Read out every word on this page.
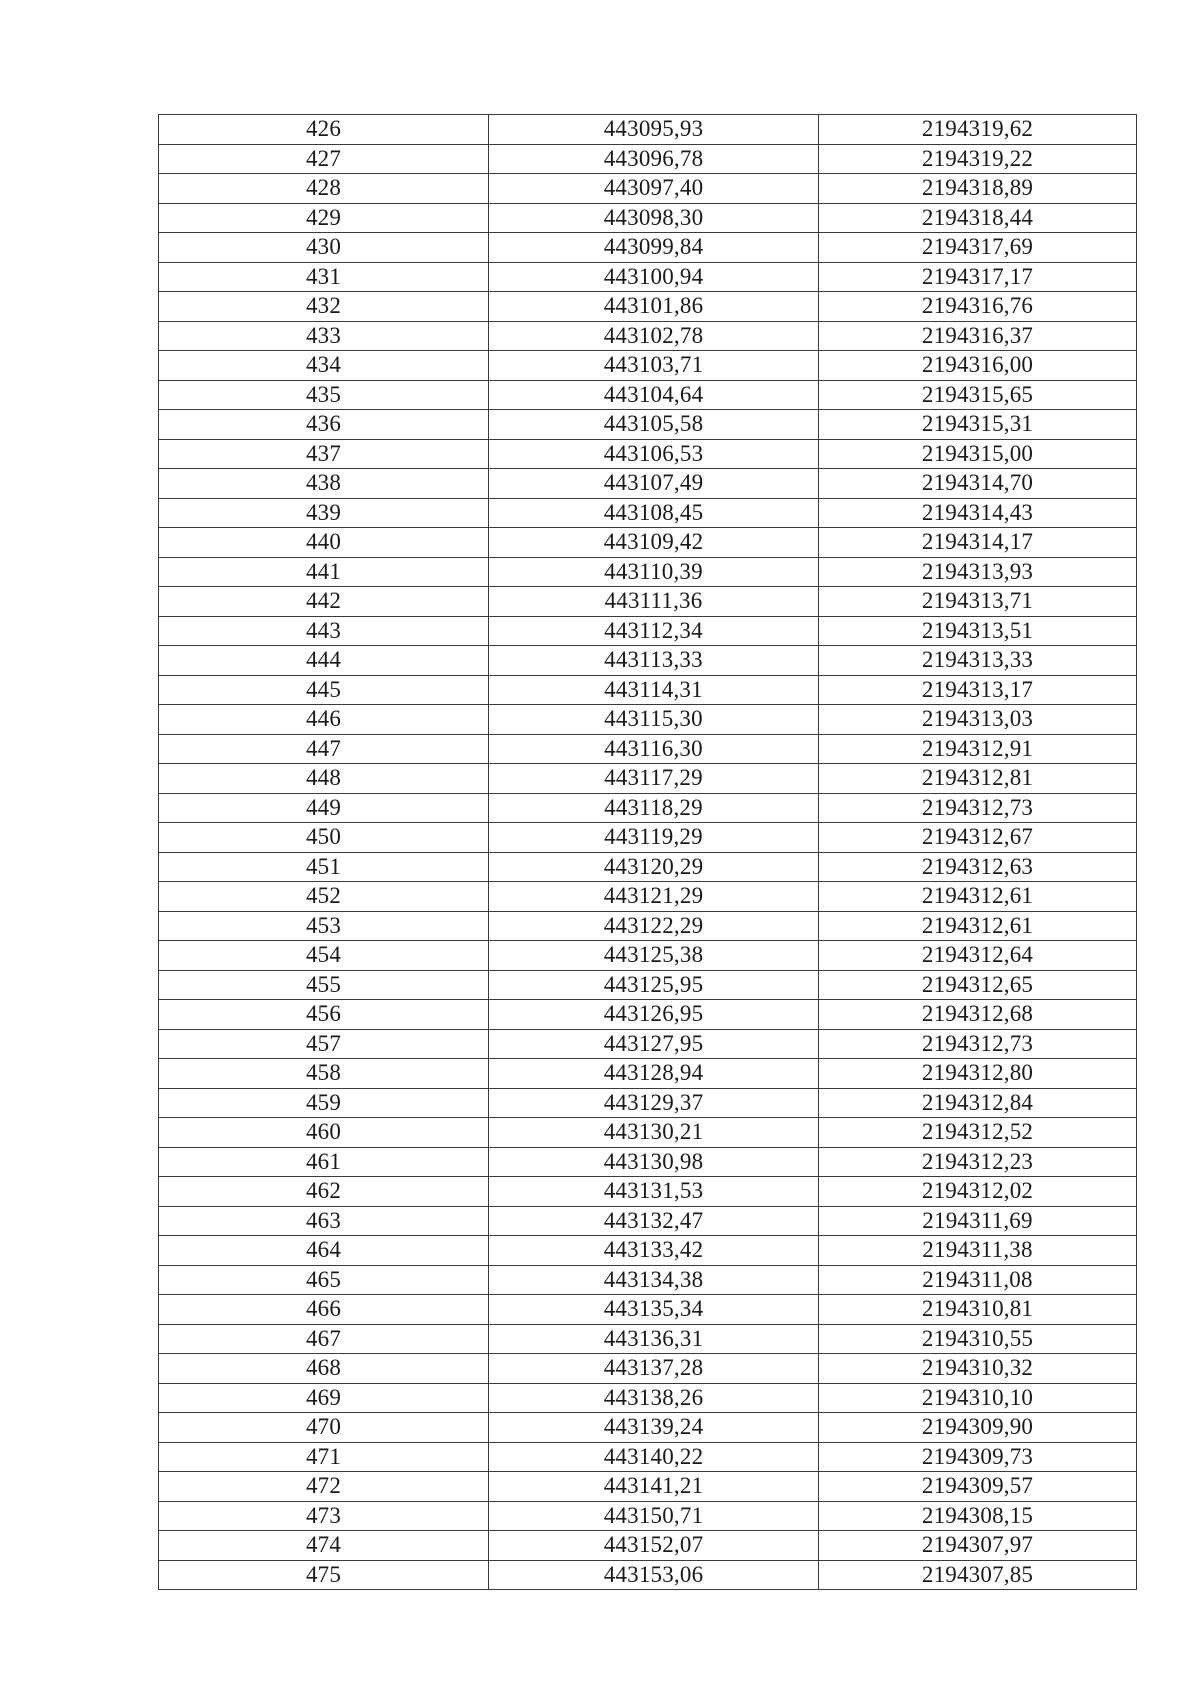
426	443095,93	2194319,62
427	443096,78	2194319,22
428	443097,40	2194318,89
429	443098,30	2194318,44
430	443099,84	2194317,69
431	443100,94	2194317,17
432	443101,86	2194316,76
433	443102,78	2194316,37
434	443103,71	2194316,00
435	443104,64	2194315,65
436	443105,58	2194315,31
437	443106,53	2194315,00
438	443107,49	2194314,70
439	443108,45	2194314,43
440	443109,42	2194314,17
441	443110,39	2194313,93
442	443111,36	2194313,71
443	443112,34	2194313,51
444	443113,33	2194313,33
445	443114,31	2194313,17
446	443115,30	2194313,03
447	443116,30	2194312,91
448	443117,29	2194312,81
449	443118,29	2194312,73
450	443119,29	2194312,67
451	443120,29	2194312,63
452	443121,29	2194312,61
453	443122,29	2194312,61
454	443125,38	2194312,64
455	443125,95	2194312,65
456	443126,95	2194312,68
457	443127,95	2194312,73
458	443128,94	2194312,80
459	443129,37	2194312,84
460	443130,21	2194312,52
461	443130,98	2194312,23
462	443131,53	2194312,02
463	443132,47	2194311,69
464	443133,42	2194311,38
465	443134,38	2194311,08
466	443135,34	2194310,81
467	443136,31	2194310,55
468	443137,28	2194310,32
469	443138,26	2194310,10
470	443139,24	2194309,90
471	443140,22	2194309,73
472	443141,21	2194309,57
473	443150,71	2194308,15
474	443152,07	2194307,97
475	443153,06	2194307,85
